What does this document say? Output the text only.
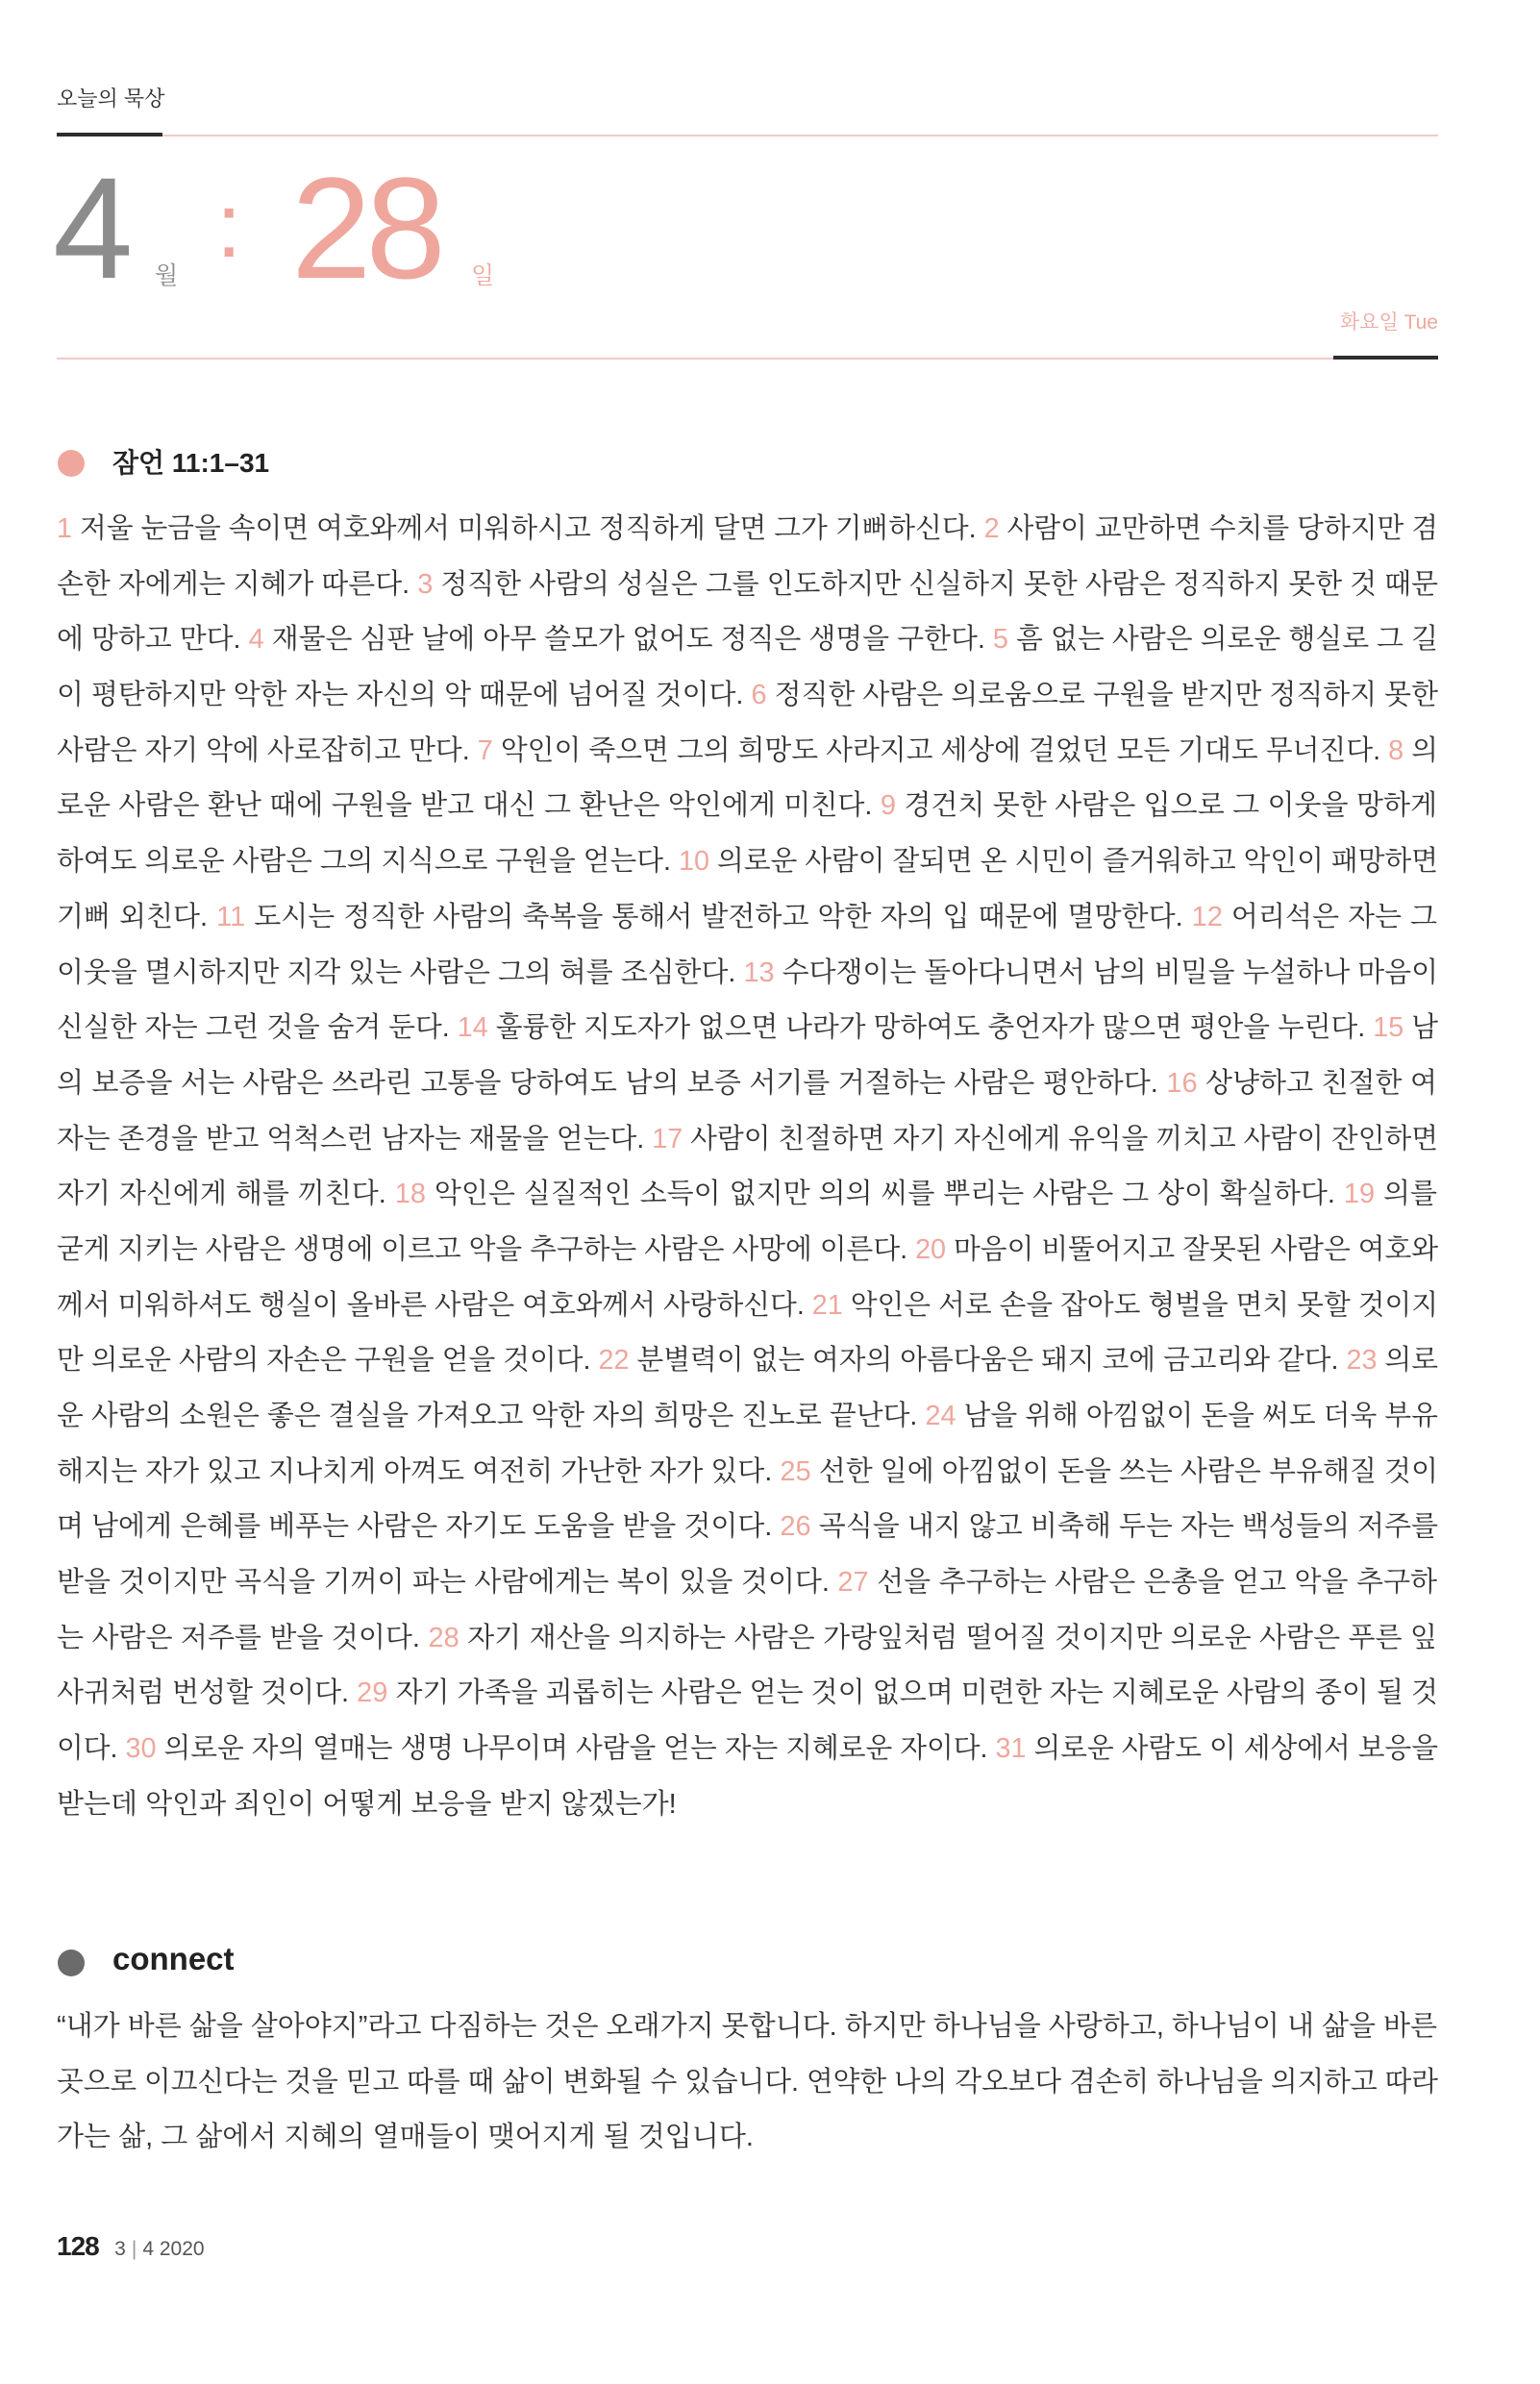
오늘의 묵상
4 월 : 28 일
화요일 Tue
잠언 11:1–31
1 저울 눈금을 속이면 여호와께서 미워하시고 정직하게 달면 그가 기뻐하신다. 2 사람이 교만하면 수치를 당하지만 겸
손한 자에게는 지혜가 따른다. 3 정직한 사람의 성실은 그를 인도하지만 신실하지 못한 사람은 정직하지 못한 것 때문
에 망하고 만다. 4 재물은 심판 날에 아무 쓸모가 없어도 정직은 생명을 구한다. 5 흠 없는 사람은 의로운 행실로 그 길
이 평탄하지만 악한 자는 자신의 악 때문에 넘어질 것이다. 6 정직한 사람은 의로움으로 구원을 받지만 정직하지 못한
사람은 자기 악에 사로잡히고 만다. 7 악인이 죽으면 그의 희망도 사라지고 세상에 걸었던 모든 기대도 무너진다. 8 의
로운 사람은 환난 때에 구원을 받고 대신 그 환난은 악인에게 미친다. 9 경건치 못한 사람은 입으로 그 이웃을 망하게
하여도 의로운 사람은 그의 지식으로 구원을 얻는다. 10 의로운 사람이 잘되면 온 시민이 즐거워하고 악인이 패망하면
기뻐 외친다. 11 도시는 정직한 사람의 축복을 통해서 발전하고 악한 자의 입 때문에 멸망한다. 12 어리석은 자는 그
이웃을 멸시하지만 지각 있는 사람은 그의 혀를 조심한다. 13 수다쟁이는 돌아다니면서 남의 비밀을 누설하나 마음이
신실한 자는 그런 것을 숨겨 둔다. 14 훌륭한 지도자가 없으면 나라가 망하여도 충언자가 많으면 평안을 누린다. 15 남
의 보증을 서는 사람은 쓰라린 고통을 당하여도 남의 보증 서기를 거절하는 사람은 평안하다. 16 상냥하고 친절한 여
자는 존경을 받고 억척스런 남자는 재물을 얻는다. 17 사람이 친절하면 자기 자신에게 유익을 끼치고 사람이 잔인하면
자기 자신에게 해를 끼친다. 18 악인은 실질적인 소득이 없지만 의의 씨를 뿌리는 사람은 그 상이 확실하다. 19 의를
굳게 지키는 사람은 생명에 이르고 악을 추구하는 사람은 사망에 이른다. 20 마음이 비뚤어지고 잘못된 사람은 여호와
께서 미워하셔도 행실이 올바른 사람은 여호와께서 사랑하신다. 21 악인은 서로 손을 잡아도 형벌을 면치 못할 것이지
만 의로운 사람의 자손은 구원을 얻을 것이다. 22 분별력이 없는 여자의 아름다움은 돼지 코에 금고리와 같다. 23 의로
운 사람의 소원은 좋은 결실을 가져오고 악한 자의 희망은 진노로 끝난다. 24 남을 위해 아낌없이 돈을 써도 더욱 부유
해지는 자가 있고 지나치게 아껴도 여전히 가난한 자가 있다. 25 선한 일에 아낌없이 돈을 쓰는 사람은 부유해질 것이
며 남에게 은혜를 베푸는 사람은 자기도 도움을 받을 것이다. 26 곡식을 내지 않고 비축해 두는 자는 백성들의 저주를
받을 것이지만 곡식을 기꺼이 파는 사람에게는 복이 있을 것이다. 27 선을 추구하는 사람은 은총을 얻고 악을 추구하
는 사람은 저주를 받을 것이다. 28 자기 재산을 의지하는 사람은 가랑잎처럼 떨어질 것이지만 의로운 사람은 푸른 잎
사귀처럼 번성할 것이다. 29 자기 가족을 괴롭히는 사람은 얻는 것이 없으며 미련한 자는 지혜로운 사람의 종이 될 것
이다. 30 의로운 자의 열매는 생명 나무이며 사람을 얻는 자는 지혜로운 자이다. 31 의로운 사람도 이 세상에서 보응을
받는데 악인과 죄인이 어떻게 보응을 받지 않겠는가!
connect
“내가 바른 삶을 살아야지”라고 다짐하는 것은 오래가지 못합니다. 하지만 하나님을 사랑하고, 하나님이 내 삶을 바른
곳으로 이끄신다는 것을 믿고 따를 때 삶이 변화될 수 있습니다. 연약한 나의 각오보다 겸손히 하나님을 의지하고 따라
가는 삶, 그 삶에서 지혜의 열매들이 맺어지게 될 것입니다.
128 3 | 4 2020
